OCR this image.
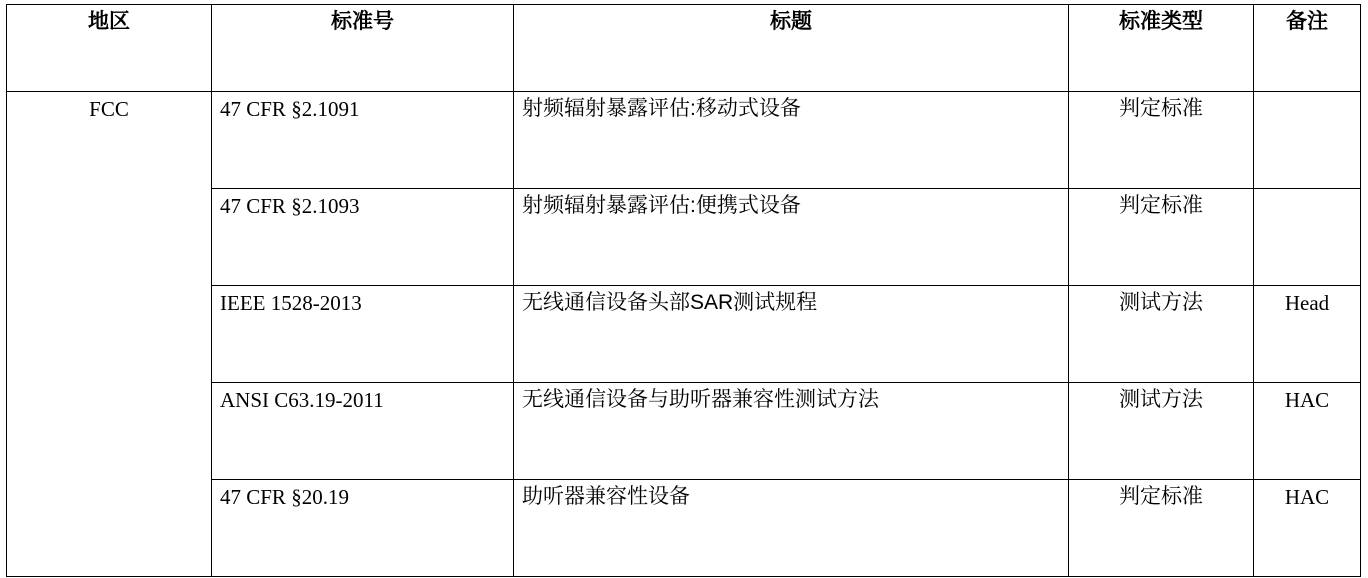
地区	标准号	标题	标准类型	备注
FCC	47 CFR §2.1091	射频辐射暴露评估:移动式设备	判定标准	
	47 CFR §2.1093	射频辐射暴露评估:便携式设备	判定标准	
	IEEE 1528-2013	无线通信设备头部SAR测试规程	测试方法	Head
	ANSI C63.19-2011	无线通信设备与助听器兼容性测试方法	测试方法	HAC
	47 CFR §20.19	助听器兼容性设备	判定标准	HAC
